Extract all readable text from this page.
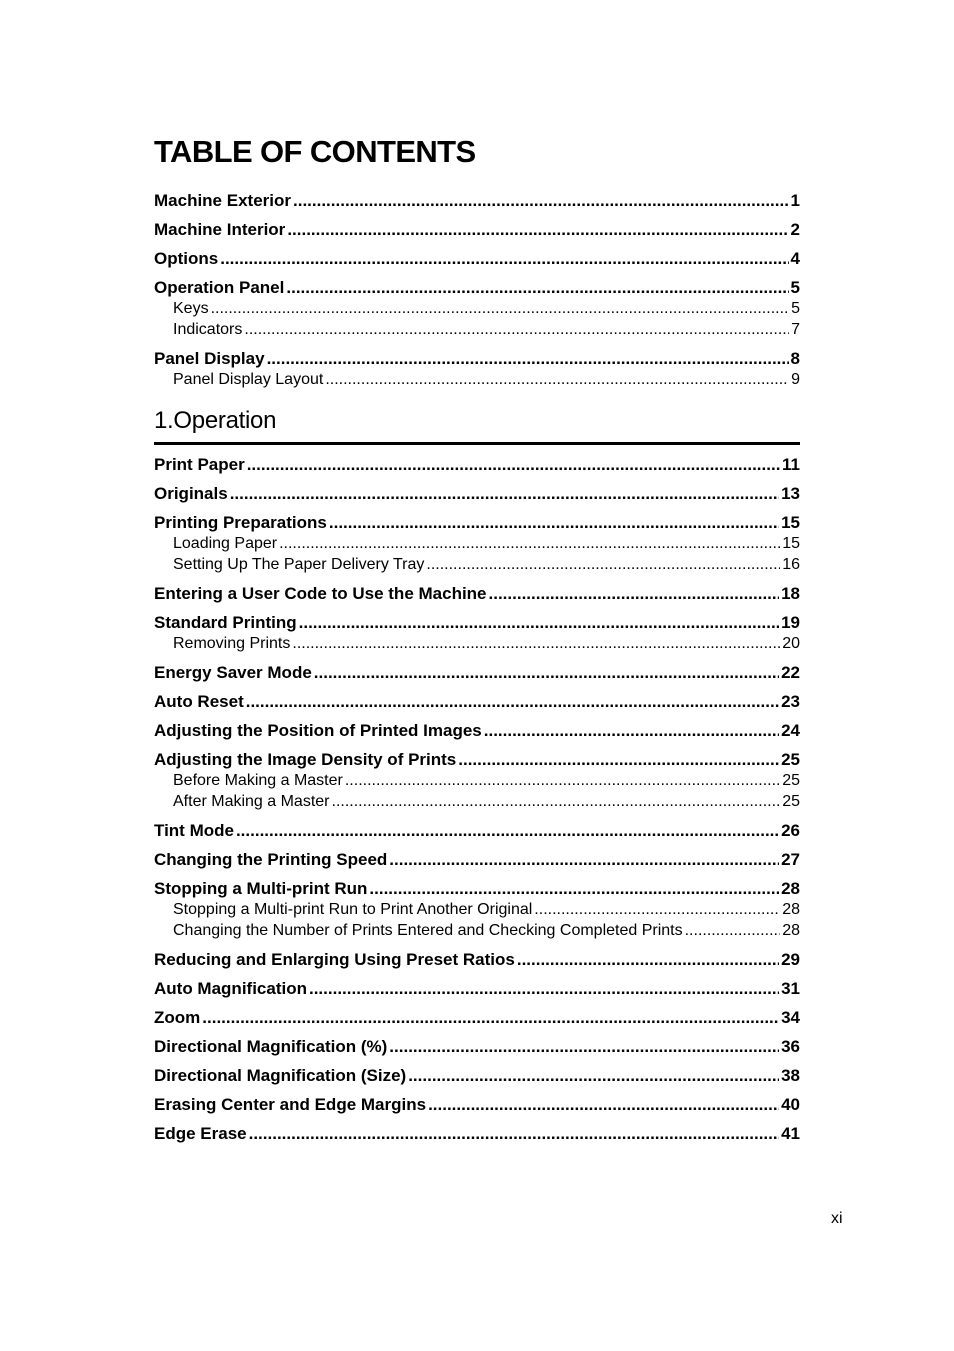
TABLE OF CONTENTS
Machine Exterior .....	1
Machine Interior .....	2
Options .....	4
Operation Panel .....	5
Keys .....	5
Indicators .....	7
Panel Display .....	8
Panel Display Layout .....	9
1.Operation
Print Paper .....	11
Originals .....	13
Printing Preparations .....	15
Loading Paper .....	15
Setting Up The Paper Delivery Tray .....	16
Entering a User Code to Use the Machine .....	18
Standard Printing .....	19
Removing Prints .....	20
Energy Saver Mode .....	22
Auto Reset .....	23
Adjusting the Position of Printed Images .....	24
Adjusting the Image Density of Prints .....	25
Before Making a Master .....	25
After Making a Master .....	25
Tint Mode .....	26
Changing the Printing Speed .....	27
Stopping a Multi-print Run .....	28
Stopping a Multi-print Run to Print Another Original .....	28
Changing the Number of Prints Entered and Checking Completed Prints .....	28
Reducing and Enlarging Using Preset Ratios .....	29
Auto Magnification .....	31
Zoom .....	34
Directional Magnification (%) .....	36
Directional Magnification (Size) .....	38
Erasing Center and Edge Margins .....	40
Edge Erase .....	41
xi
